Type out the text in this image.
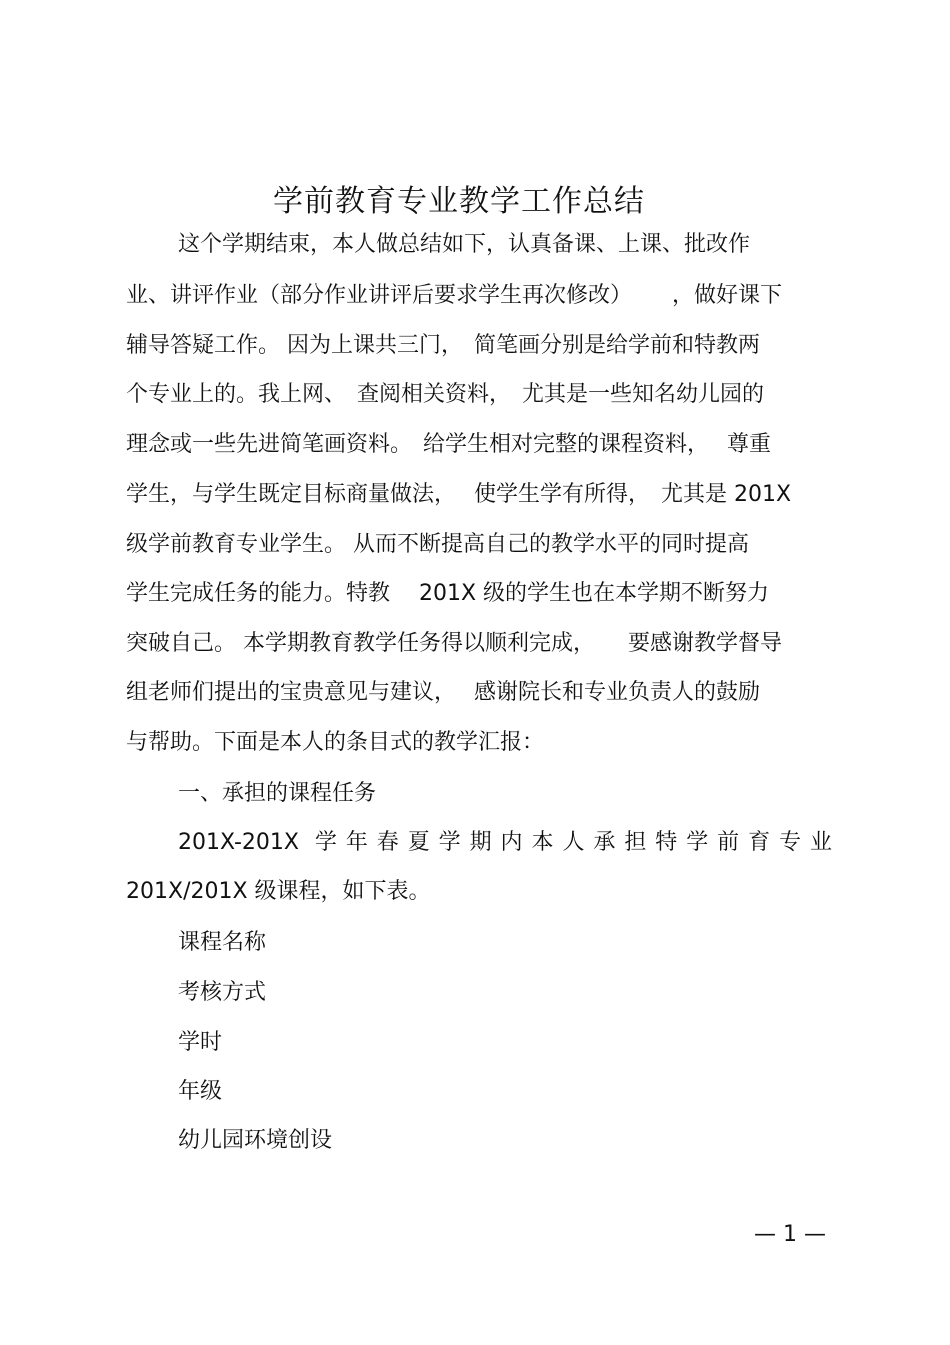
学前教育专业教学工作总结

这个学期结束，本人做总结如下，认真备课、上课、批改作

业、讲评作业（部分作业讲评后要求学生再次修改）　　 ，做好课下

辅导答疑工作。 因为上课共三门，　简笔画分别是给学前和特教两

个专业上的。我上网、　查阅相关资料，　尤其是一些知名幼儿园的

理念或一些先进简笔画资料。　给学生相对完整的课程资料，　 尊重

学生，与学生既定目标商量做法，　 使学生学有所得，　尤其是 201X

级学前教育专业学生。 从而不断提高自己的教学水平的同时提高

学生完成任务的能力。特教　 201X 级的学生也在本学期不断努力

突破自己。 本学期教育教学任务得以顺利完成，　　要感谢教学督导

组老师们提出的宝贵意见与建议，　 感谢院长和专业负责人的鼓励

与帮助。下面是本人的条目式的教学汇报：

一、承担的课程任务

201X-201X 学年春夏学期内本人承担特学前育专业

201X/201X 级课程，如下表。

课程名称

考核方式

学时

年级

幼儿园环境创设

— 1 —
